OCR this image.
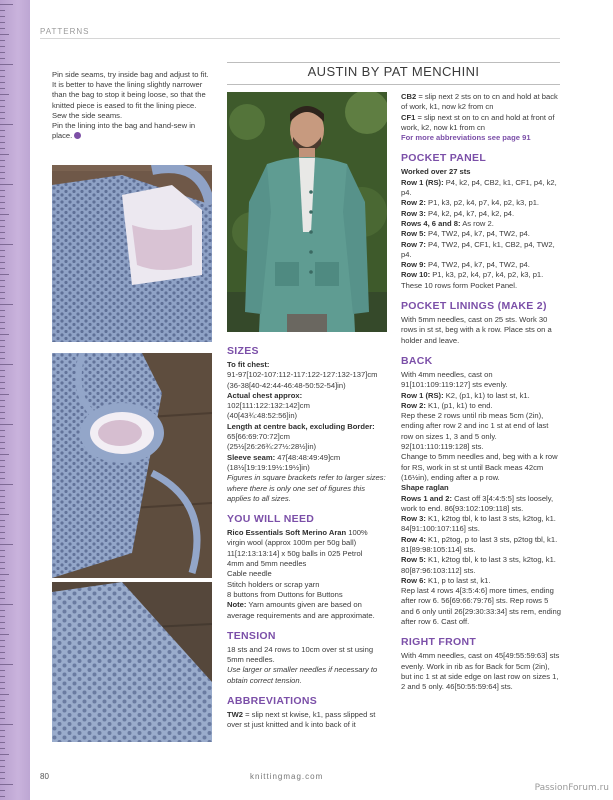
PATTERNS

Pin side seams, try inside bag and adjust to fit. It is better to have the lining slightly narrower than the bag to stop it being loose, so that the knitted piece is eased to fit the lining piece.

Sew the side seams.

Pin the lining into the bag and hand-sew in place.

AUSTIN BY PAT MENCHINI
SIZES

To fit chest:

91-97[102-107:112-117:122-127:132-137]cm

(36-38[40-42:44-46:48-50:52-54]in)

Actual chest approx:

102[111:122:132:142]cm

(40[43¾:48:52:56]in)

Length at centre back, excluding Border:

65[66:69:70:72]cm

(25½[26:26¾:27½:28½]in)

Sleeve seam: 47[48:48:49:49]cm

(18½[19:19:19½:19½]in)

Figures in square brackets refer to larger sizes: where there is only one set of figures this applies to all sizes.

YOU WILL NEED

Rico Essentials Soft Merino Aran 100% virgin wool (approx 100m per 50g ball) 11[12:13:13:14] x 50g balls in 025 Petrol

4mm and 5mm needles

Cable needle

Stitch holders or scrap yarn

8 buttons from Duttons for Buttons

Note: Yarn amounts given are based on average requirements and are approximate.

TENSION

18 sts and 24 rows to 10cm over st st using 5mm needles.

Use larger or smaller needles if necessary to obtain correct tension.

ABBREVIATIONS

TW2 = slip next st kwise, k1, pass slipped st over st just knitted and k into back of it

CB2 = slip next 2 sts on to cn and hold at back of work, k1, now k2 from cn

CF1 = slip next st on to cn and hold at front of work, k2, now k1 from cn

For more abbreviations see page 91

POCKET PANEL

Worked over 27 sts

Row 1 (RS): P4, k2, p4, CB2, k1, CF1, p4, k2, p4.

Row 2: P1, k3, p2, k4, p7, k4, p2, k3, p1.

Row 3: P4, k2, p4, k7, p4, k2, p4.

Rows 4, 6 and 8: As row 2.

Row 5: P4, TW2, p4, k7, p4, TW2, p4.

Row 7: P4, TW2, p4, CF1, k1, CB2, p4, TW2, p4.

Row 9: P4, TW2, p4, k7, p4, TW2, p4.

Row 10: P1, k3, p2, k4, p7, k4, p2, k3, p1.

These 10 rows form Pocket Panel.

POCKET LININGS (MAKE 2)

With 5mm needles, cast on 25 sts. Work 30 rows in st st, beg with a k row. Place sts on a holder and leave.

BACK

With 4mm needles, cast on 91[101:109:119:127] sts evenly.

Row 1 (RS): K2, (p1, k1) to last st, k1.

Row 2: K1, (p1, k1) to end.

Rep these 2 rows until rib meas 5cm (2in), ending after row 2 and inc 1 st at end of last row on sizes 1, 3 and 5 only. 92[101:110:119:128] sts.

Change to 5mm needles and, beg with a k row for RS, work in st st until Back meas 42cm (16½in), ending after a p row.

Shape raglan

Rows 1 and 2: Cast off 3[4:4:5:5] sts loosely, work to end. 86[93:102:109:118] sts.

Row 3: K1, k2tog tbl, k to last 3 sts, k2tog, k1. 84[91:100:107:116] sts.

Row 4: K1, p2tog, p to last 3 sts, p2tog tbl, k1. 81[89:98:105:114] sts.

Row 5: K1, k2tog tbl, k to last 3 sts, k2tog, k1. 80[87:96:103:112] sts.

Row 6: K1, p to last st, k1.

Rep last 4 rows 4[3:5:4:6] more times, ending after row 6. 56[69:66:79:76] sts. Rep rows 5 and 6 only until 26[29:30:33:34] sts rem, ending after row 6. Cast off.

RIGHT FRONT

With 4mm needles, cast on 45[49:55:59:63] sts evenly. Work in rib as for Back for 5cm (2in), but inc 1 st at side edge on last row on sizes 1, 2 and 5 only. 46[50:55:59:64] sts.

80	knittingmag.com
PassionForum.ru
